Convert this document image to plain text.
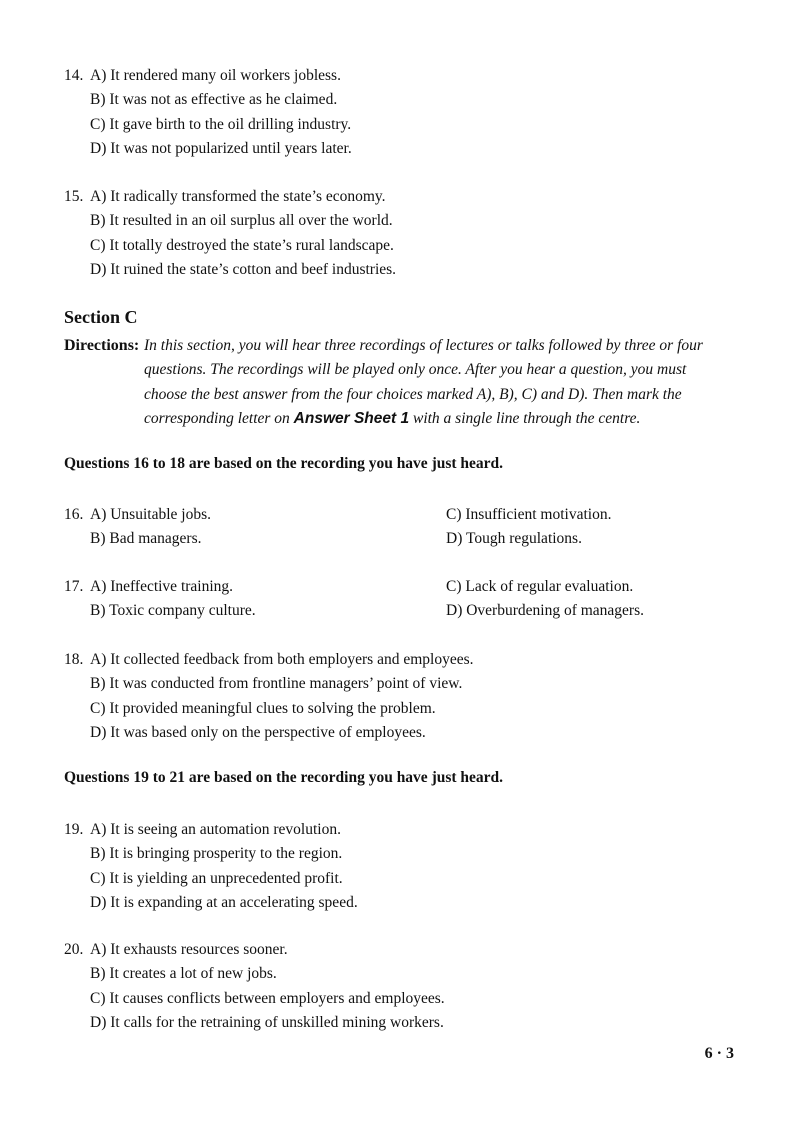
14. A) It rendered many oil workers jobless.
B) It was not as effective as he claimed.
C) It gave birth to the oil drilling industry.
D) It was not popularized until years later.
15. A) It radically transformed the state’s economy.
B) It resulted in an oil surplus all over the world.
C) It totally destroyed the state’s rural landscape.
D) It ruined the state’s cotton and beef industries.
Section C
Directions: In this section, you will hear three recordings of lectures or talks followed by three or four
questions. The recordings will be played only once. After you hear a question, you must
choose the best answer from the four choices marked A), B), C) and D). Then mark the
corresponding letter on Answer Sheet 1 with a single line through the centre.
Questions 16 to 18 are based on the recording you have just heard.
16. A) Unsuitable jobs.	C) Insufficient motivation.
B) Bad managers.	D) Tough regulations.
17. A) Ineffective training.	C) Lack of regular evaluation.
B) Toxic company culture.	D) Overburdening of managers.
18. A) It collected feedback from both employers and employees.
B) It was conducted from frontline managers’ point of view.
C) It provided meaningful clues to solving the problem.
D) It was based only on the perspective of employees.
Questions 19 to 21 are based on the recording you have just heard.
19. A) It is seeing an automation revolution.
B) It is bringing prosperity to the region.
C) It is yielding an unprecedented profit.
D) It is expanding at an accelerating speed.
20. A) It exhausts resources sooner.
B) It creates a lot of new jobs.
C) It causes conflicts between employers and employees.
D) It calls for the retraining of unskilled mining workers.
6 · 3
